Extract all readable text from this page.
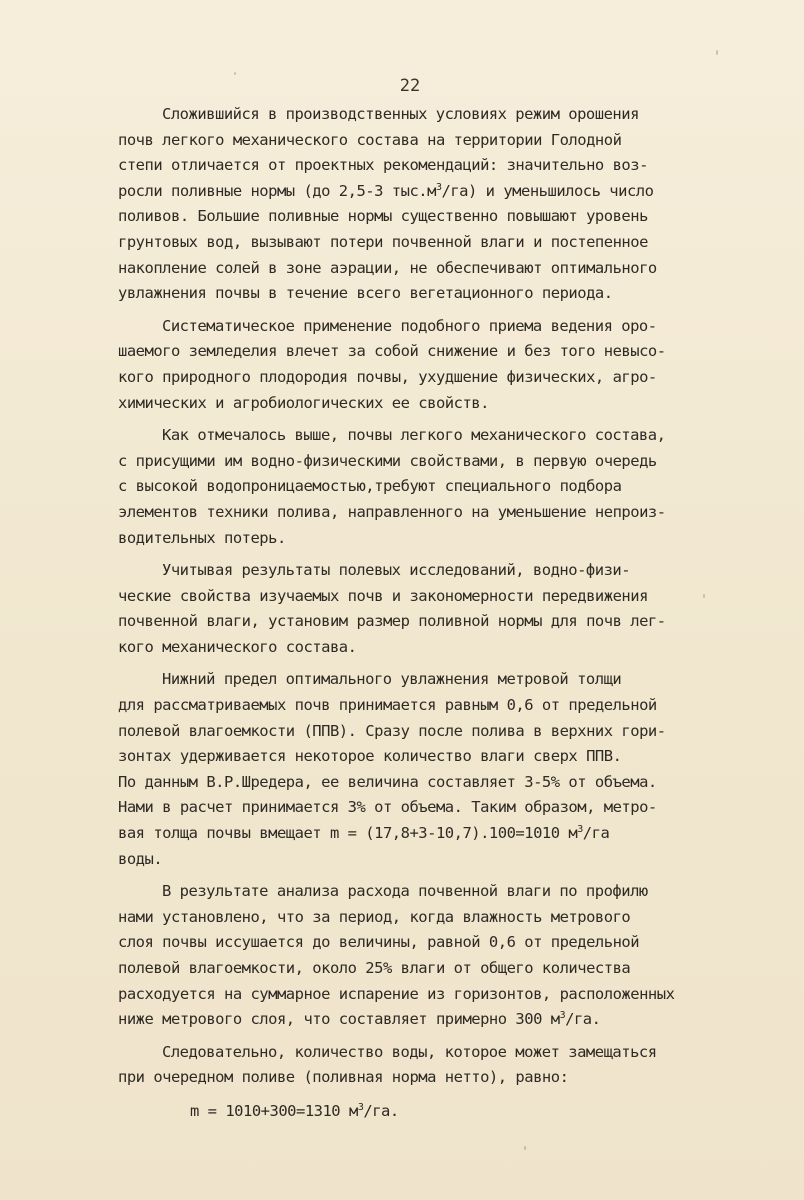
22
Сложившийся в производственных условиях режим орошения
почв легкого механического состава на территории Голодной
степи отличается от проектных рекомендаций: значительно воз-
росли поливные нормы (до 2,5-3 $тыс.м^3/га$) и уменьшилось число
поливов. Большие поливные нормы существенно повышают уровень
грунтовых вод, вызывают потери почвенной влаги и постепенное
накопление солей в зоне аэрации, не обеспечивают оптимального
увлажнения почвы в течение всего вегетационного периода.
Систематическое применение подобного приема ведения оро-
шаемого земледелия влечет за собой снижение и без того невысо-
кого природного плодородия почвы, ухудшение физических, агро-
химических и агробиологических ее свойств.
Как отмечалось выше, почвы легкого механического состава,
с присущими им водно-физическими свойствами, в первую очередь
с высокой водопроницаемостью,требуют специального подбора
элементов техники полива, направленного на уменьшение непроиз-
водительных потерь.
Учитывая результаты полевых исследований, водно-физи-
ческие свойства изучаемых почв и закономерности передвижения
почвенной влаги, установим размер поливной нормы для почв лег-
кого механического состава.
Нижний предел оптимального увлажнения метровой толщи
для рассматриваемых почв принимается равным 0,6 от предельной
полевой влагоемкости (ППВ). Сразу после полива в верхних гори-
зонтах удерживается некоторое количество влаги сверх ППВ.
По данным В.Р.Шредера, ее величина составляет 3-5% от объема.
Нами в расчет принимается 3% от объема. Таким образом, метро-
вая толща почвы вмещает m = (17,8+3-10,7).100=1010 $м^3/га$
воды.
В результате анализа расхода почвенной влаги по профилю
нами установлено, что за период, когда влажность метрового
слоя почвы иссушается до величины, равной 0,6 от предельной
полевой влагоемкости, около 25% влаги от общего количества
расходуется на суммарное испарение из горизонтов, расположенных
ниже метрового слоя, что составляет примерно 300 $м^3/га$.
Следовательно, количество воды, которое может замещаться
при очередном поливе (поливная норма нетто), равно:
m = 1010+300=1310 $м^3/га$.
